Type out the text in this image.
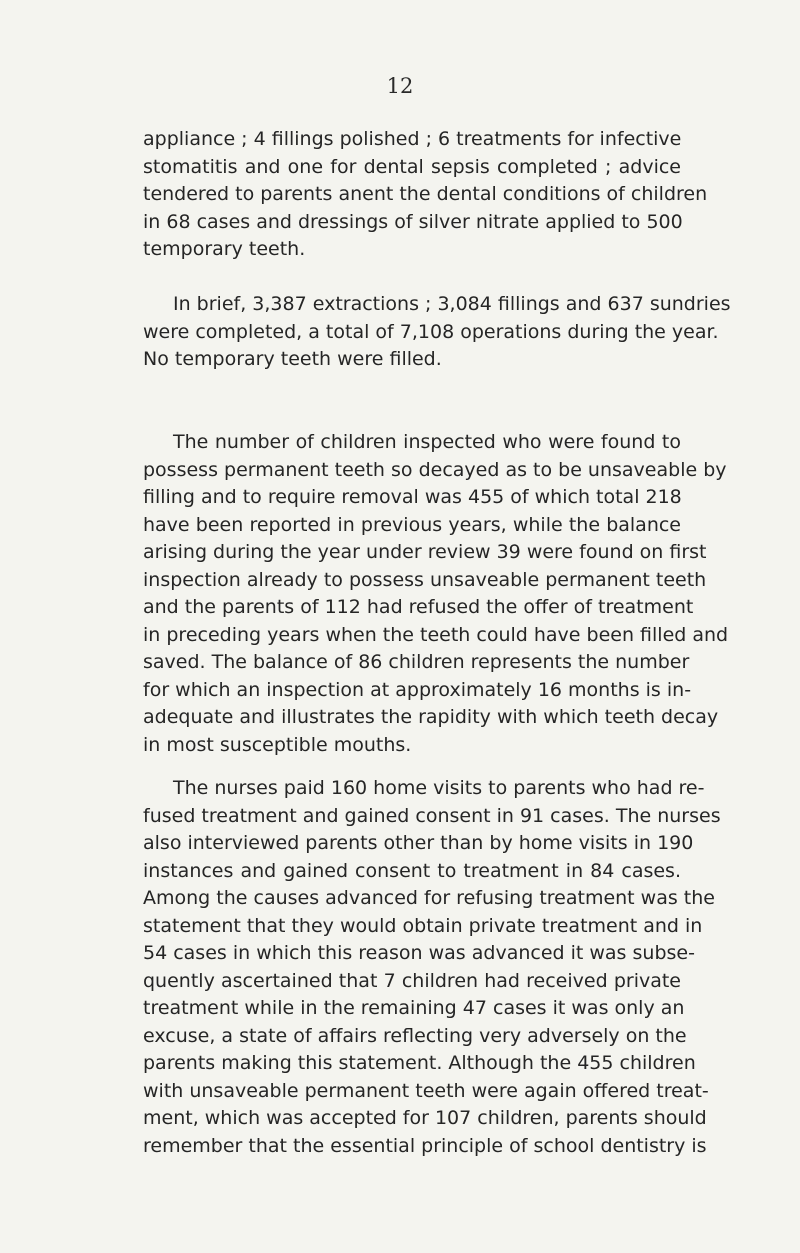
12
appliance ; 4 fillings polished ; 6 treatments for infective
stomatitis and one for dental sepsis completed ; advice
tendered to parents anent the dental conditions of children
in 68 cases and dressings of silver nitrate applied to 500
temporary teeth.
In brief, 3,387 extractions ; 3,084 fillings and 637 sundries
were completed, a total of 7,108 operations during the year.
No temporary teeth were filled.
The number of children inspected who were found to
possess permanent teeth so decayed as to be unsaveable by
filling and to require removal was 455 of which total 218
have been reported in previous years, while the balance
arising during the year under review 39 were found on first
inspection already to possess unsaveable permanent teeth
and the parents of 112 had refused the offer of treatment
in preceding years when the teeth could have been filled and
saved. The balance of 86 children represents the number
for which an inspection at approximately 16 months is in-
adequate and illustrates the rapidity with which teeth decay
in most susceptible mouths.
The nurses paid 160 home visits to parents who had re-
fused treatment and gained consent in 91 cases. The nurses
also interviewed parents other than by home visits in 190
instances and gained consent to treatment in 84 cases.
Among the causes advanced for refusing treatment was the
statement that they would obtain private treatment and in
54 cases in which this reason was advanced it was subse-
quently ascertained that 7 children had received private
treatment while in the remaining 47 cases it was only an
excuse, a state of affairs reflecting very adversely on the
parents making this statement. Although the 455 children
with unsaveable permanent teeth were again offered treat-
ment, which was accepted for 107 children, parents should
remember that the essential principle of school dentistry is
